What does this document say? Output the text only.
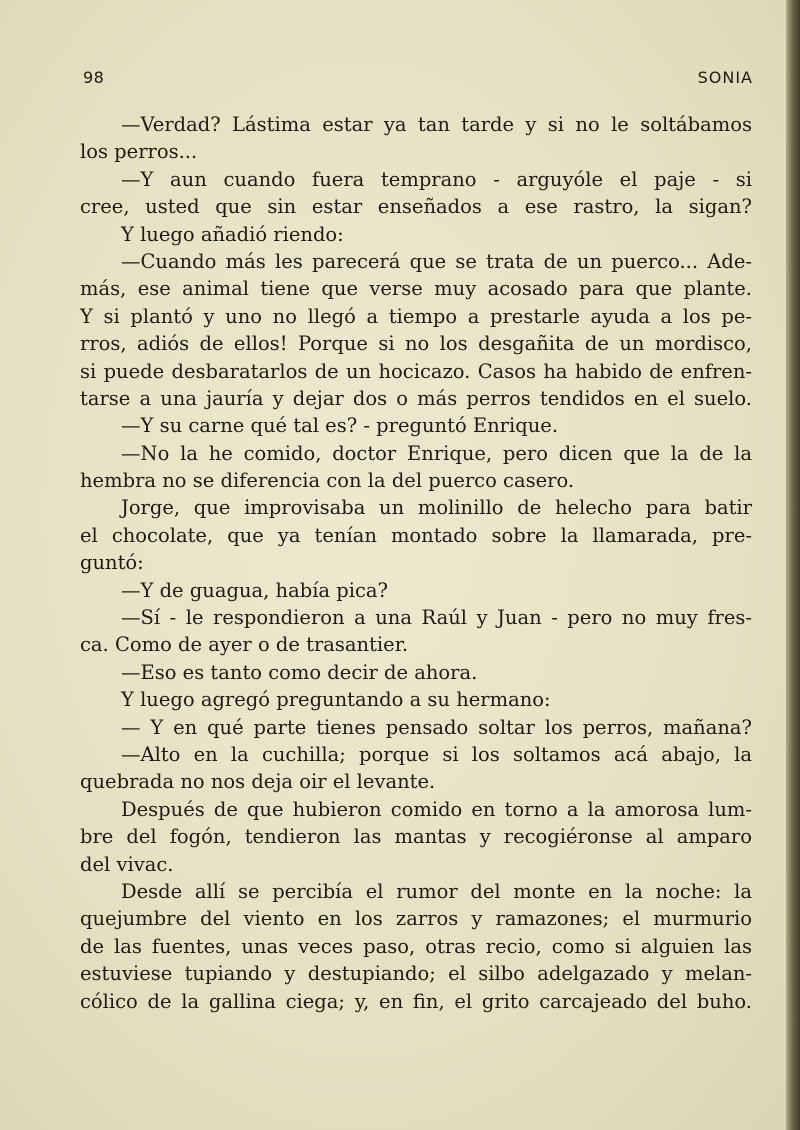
98	SONIA
—Verdad? Lástima estar ya tan tarde y si no le soltábamos
los perros...
—Y aun cuando fuera temprano - arguyóle el paje - si
cree, usted que sin estar enseñados a ese rastro, la sigan?
Y luego añadió riendo:
—Cuando más les parecerá que se trata de un puerco... Ade-
más, ese animal tiene que verse muy acosado para que plante.
Y si plantó y uno no llegó a tiempo a prestarle ayuda a los pe-
rros, adiós de ellos! Porque si no los desgañita de un mordisco,
si puede desbaratarlos de un hocicazo. Casos ha habido de enfren-
tarse a una jauría y dejar dos o más perros tendidos en el suelo.
—Y su carne qué tal es? - preguntó Enrique.
—No la he comido, doctor Enrique, pero dicen que la de la
hembra no se diferencia con la del puerco casero.
Jorge, que improvisaba un molinillo de helecho para batir
el chocolate, que ya tenían montado sobre la llamarada, pre-
guntó:
—Y de guagua, había pica?
—Sí - le respondieron a una Raúl y Juan - pero no muy fres-
ca. Como de ayer o de trasantier.
—Eso es tanto como decir de ahora.
Y luego agregó preguntando a su hermano:
— Y en qué parte tienes pensado soltar los perros, mañana?
—Alto en la cuchilla; porque si los soltamos acá abajo, la
quebrada no nos deja oir el levante.
Después de que hubieron comido en torno a la amorosa lum-
bre del fogón, tendieron las mantas y recogiéronse al amparo
del vivac.
Desde allí se percibía el rumor del monte en la noche: la
quejumbre del viento en los zarros y ramazones; el murmurio
de las fuentes, unas veces paso, otras recio, como si alguien las
estuviese tupiando y destupiando; el silbo adelgazado y melan-
cólico de la gallina ciega; y, en fin, el grito carcajeado del buho.
